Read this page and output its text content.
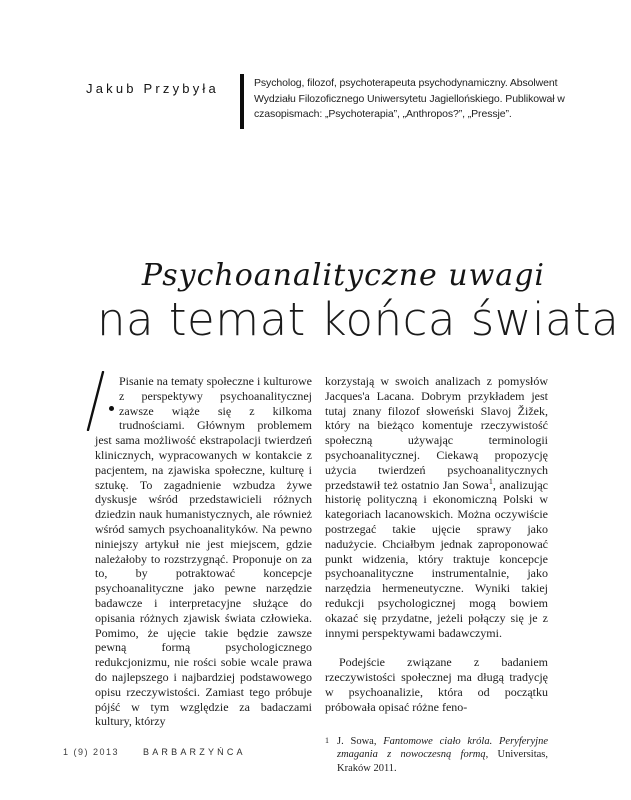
Jakub Przybyła	Psycholog, filozof, psychoterapeuta psychodynamiczny. Absolwent Wydziału Filozoficznego Uniwersytetu Jagiellońskiego. Publikował w czasopismach: „Psychoterapia”, „Anthropos?”, „Pressje”.
Psychoanalityczne uwagi
na temat końca świata
Pisanie na tematy społeczne i kulturowe z perspektywy psychoanalitycznej zawsze wiąże się z kilkoma trudnościami. Głównym problemem jest sama możliwość ekstrapolacji twierdzeń klinicznych, wypracowanych w kontakcie z pacjentem, na zjawiska społeczne, kulturę i sztukę. To zagadnienie wzbudza żywe dyskusje wśród przedstawicieli różnych dziedzin nauk humanistycznych, ale również wśród samych psychoanalityków. Na pewno niniejszy artykuł nie jest miejscem, gdzie należałoby to rozstrzygnąć. Proponuje on za to, by potraktować koncepcje psychoanalityczne jako pewne narzędzie badawcze i interpretacyjne służące do opisania różnych zjawisk świata człowieka. Pomimo, że ujęcie takie będzie zawsze pewną formą psychologicznego redukcjonizmu, nie rości sobie wcale prawa do najlepszego i najbardziej podstawowego opisu rzeczywistości. Zamiast tego próbuje pójść w tym względzie za badaczami kultury, którzy

korzystają w swoich analizach z pomysłów Jacques'a Lacana. Dobrym przykładem jest tutaj znany filozof słoweński Slavoj Žižek, który na bieżąco komentuje rzeczywistość społeczną używając terminologii psychoanalitycznej. Ciekawą propozycję użycia twierdzeń psychoanalitycznych przedstawił też ostatnio Jan Sowa$^1$, analizując historię polityczną i ekonomiczną Polski w kategoriach lacanowskich. Można oczywiście postrzegać takie ujęcie sprawy jako nadużycie. Chciałbym jednak zaproponować punkt widzenia, który traktuje koncepcje psychoanalityczne instrumentalnie, jako narzędzia hermeneutyczne. Wyniki takiej redukcji psychologicznej mogą bowiem okazać się przydatne, jeżeli połączy się je z innymi perspektywami badawczymi.

Podejście związane z badaniem rzeczywistości społecznej ma długą tradycję w psychoanalizie, która od początku próbowała opisać różne feno-

1 J. Sowa, Fantomowe ciało króla. Peryferyjne zmagania z nowoczesną formą, Universitas, Kraków 2011.
1 (9) 2013	BARBARZYŃCA
